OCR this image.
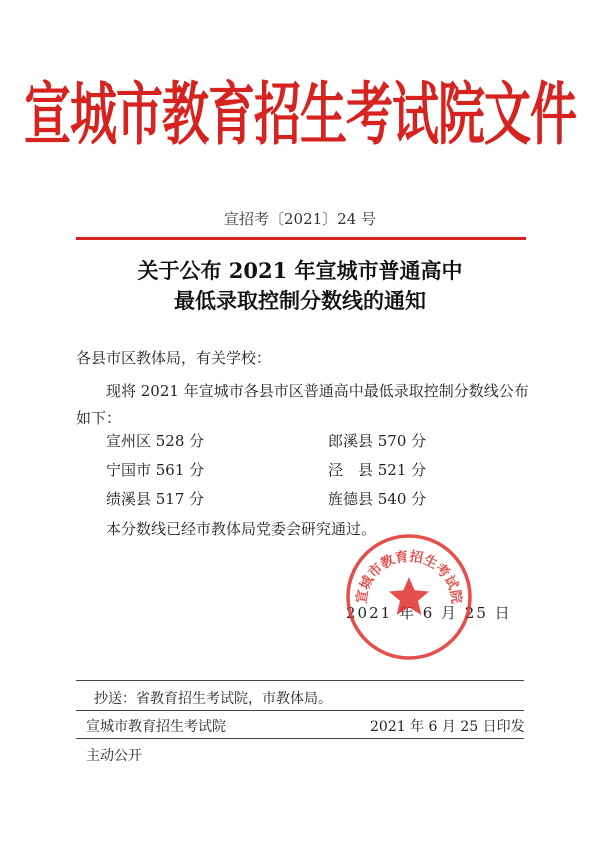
宣城市教育招生考试院文件
宣招考〔2021〕24 号
关于公布 2021 年宣城市普通高中
最低录取控制分数线的通知
各县市区教体局，有关学校：
现将 2021 年宣城市各县市区普通高中最低录取控制分数线公布如下：
宣州区 528 分	郎溪县 570 分
宁国市 561 分	泾　县 521 分
绩溪县 517 分	旌德县 540 分
本分数线已经市教体局党委会研究通过。
2021 年 6 月 25 日
宣城市教育招生考试院
抄送：省教育招生考试院，市教体局。
宣城市教育招生考试院	2021 年 6 月 25 日印发
主动公开
